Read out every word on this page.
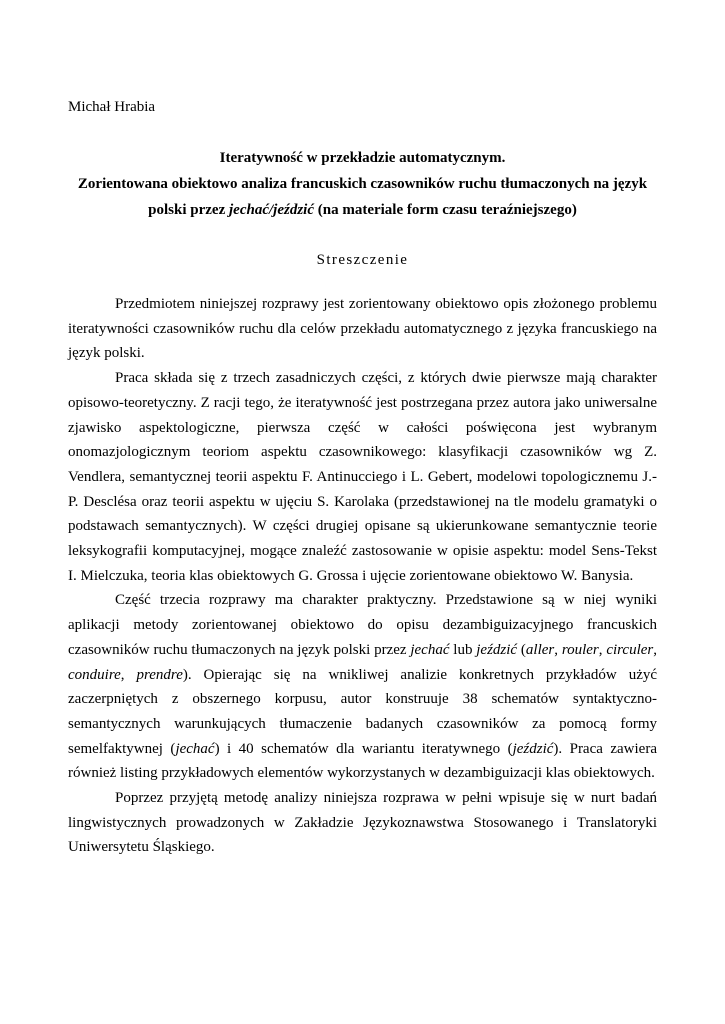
Michał Hrabia
Iteratywność w przekładzie automatycznym.
Zorientowana obiektowo analiza francuskich czasowników ruchu tłumaczonych na język
polski przez jechać/jeździć (na materiale form czasu teraźniejszego)
Streszczenie

Przedmiotem niniejszej rozprawy jest zorientowany obiektowo opis złożonego problemu iteratywności czasowników ruchu dla celów przekładu automatycznego z języka francuskiego na język polski.

Praca składa się z trzech zasadniczych części, z których dwie pierwsze mają charakter opisowo-teoretyczny. Z racji tego, że iteratywność jest postrzegana przez autora jako uniwersalne zjawisko aspektologiczne, pierwsza część w całości poświęcona jest wybranym onomazjologicznym teoriom aspektu czasownikowego: klasyfikacji czasowników wg Z. Vendlera, semantycznej teorii aspektu F. Antinucciego i L. Gebert, modelowi topologicznemu J.-P. Desclésa oraz teorii aspektu w ujęciu S. Karolaka (przedstawionej na tle modelu gramatyki o podstawach semantycznych). W części drugiej opisane są ukierunkowane semantycznie teorie leksykografii komputacyjnej, mogące znaleźć zastosowanie w opisie aspektu: model Sens-Tekst I. Mielczuka, teoria klas obiektowych G. Grossa i ujęcie zorientowane obiektowo W. Banysia.

Część trzecia rozprawy ma charakter praktyczny. Przedstawione są w niej wyniki aplikacji metody zorientowanej obiektowo do opisu dezambiguizacyjnego francuskich czasowników ruchu tłumaczonych na język polski przez jechać lub jeździć (aller, rouler, circuler, conduire, prendre). Opierając się na wnikliwej analizie konkretnych przykładów użyć zaczerpniętych z obszernego korpusu, autor konstruuje 38 schematów syntaktyczno-semantycznych warunkujących tłumaczenie badanych czasowników za pomocą formy semelfaktywnej (jechać) i 40 schematów dla wariantu iteratywnego (jeździć). Praca zawiera również listing przykładowych elementów wykorzystanych w dezambiguizacji klas obiektowych.

Poprzez przyjętą metodę analizy niniejsza rozprawa w pełni wpisuje się w nurt badań lingwistycznych prowadzonych w Zakładzie Językoznawstwa Stosowanego i Translatoryki Uniwersytetu Śląskiego.
